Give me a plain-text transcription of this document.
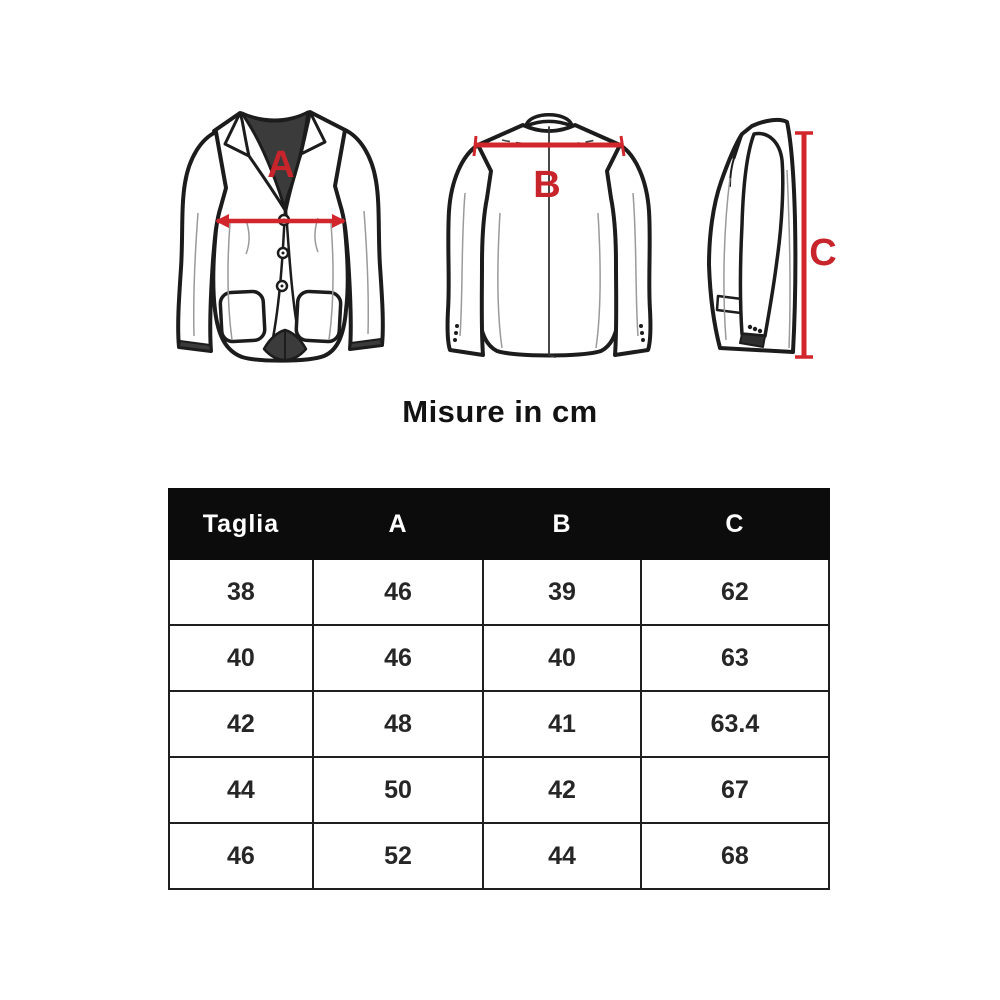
A	B
C
Misure in cm
Taglia	A	B	C
38	46	39	62
40	46	40	63
42	48	41	63.4
44	50	42	67
46	52	44	68
